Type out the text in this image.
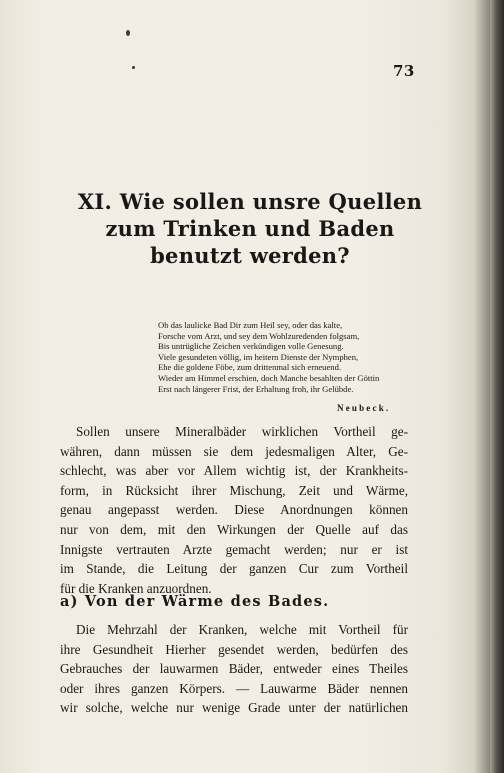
73

XI. Wie sollen unsre Quellen
zum Trinken und Baden
benutzt werden?
Ob das laulicke Bad Dir zum Heil sey, oder das kalte,
Forsche vom Arzt, und sey dem Wohlzuredenden folgsam,
Bis untrügliche Zeichen verkündigen volle Genesung.
Viele gesundeten völlig, im heitern Dienste der Nymphen,
Ehe die goldene Föbe, zum drittenmal sich erneuend.
Wieder am Himmel erschien, doch Manche besahlten der Göttin
Erst nach längerer Frist, der Erhaltung froh, ihr Gelübde.
Neubeck.
Sollen unsere Mineralbäder wirklichen Vortheil ge-
währen, dann müssen sie dem jedesmaligen Alter, Ge-
schlecht, was aber vor Allem wichtig ist, der Krankheits-
form, in Rücksicht ihrer Mischung, Zeit und Wärme,
genau angepasst werden. Diese Anordnungen können
nur von dem, mit den Wirkungen der Quelle auf das
Innigste vertrauten Arzte gemacht werden; nur er ist
im Stande, die Leitung der ganzen Cur zum Vortheil
für die Kranken anzuordnen.
a) Von der Wärme des Bades.
Die Mehrzahl der Kranken, welche mit Vortheil für
ihre Gesundheit Hierher gesendet werden, bedürfen des
Gebrauches der lauwarmen Bäder, entweder eines Theiles
oder ihres ganzen Körpers. — Lauwarme Bäder nennen
wir solche, welche nur wenige Grade unter der natürlichen
